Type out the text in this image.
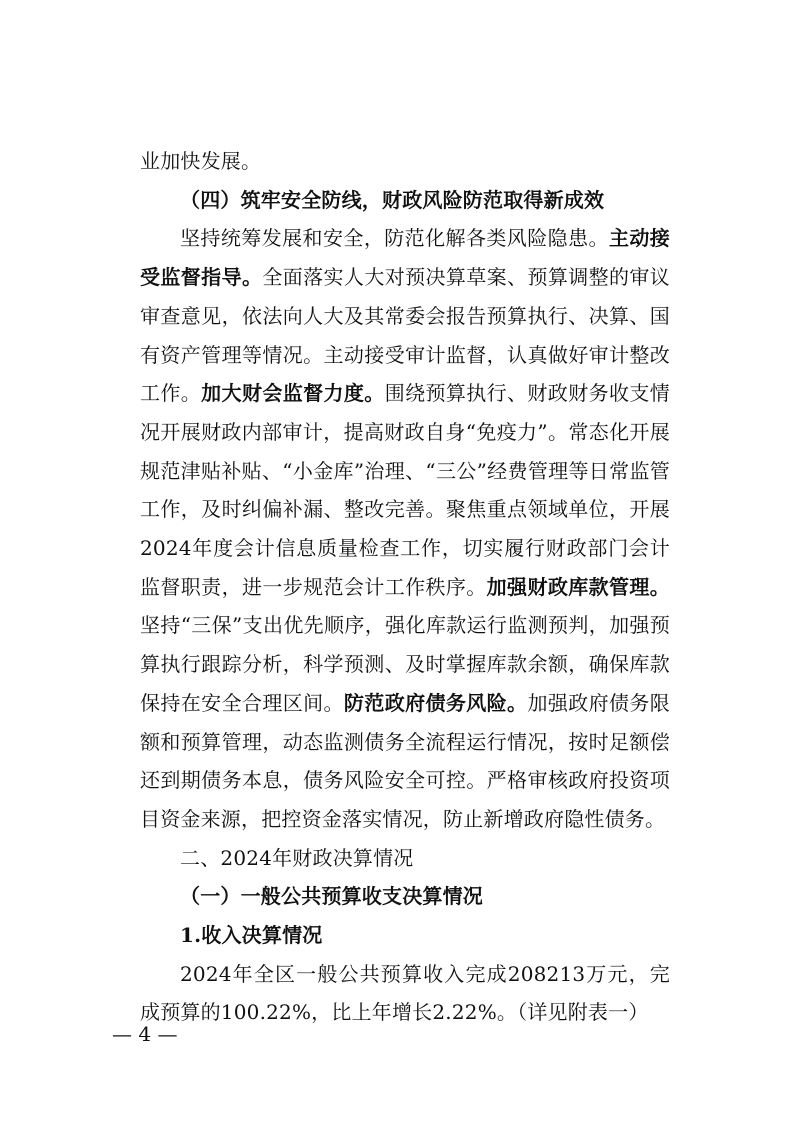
业加快发展。

（四）筑牢安全防线，财政风险防范取得新成效

坚持统筹发展和安全，防范化解各类风险隐患。主动接受监督指导。全面落实人大对预决算草案、预算调整的审议审查意见，依法向人大及其常委会报告预算执行、决算、国有资产管理等情况。主动接受审计监督，认真做好审计整改工作。加大财会监督力度。围绕预算执行、财政财务收支情况开展财政内部审计，提高财政自身“免疫力”。常态化开展规范津贴补贴、“小金库”治理、“三公”经费管理等日常监管工作，及时纠偏补漏、整改完善。聚焦重点领域单位，开展2024年度会计信息质量检查工作，切实履行财政部门会计监督职责，进一步规范会计工作秩序。加强财政库款管理。坚持“三保”支出优先顺序，强化库款运行监测预判，加强预算执行跟踪分析，科学预测、及时掌握库款余额，确保库款保持在安全合理区间。防范政府债务风险。加强政府债务限额和预算管理，动态监测债务全流程运行情况，按时足额偿还到期债务本息，债务风险安全可控。严格审核政府投资项目资金来源，把控资金落实情况，防止新增政府隐性债务。

二、2024年财政决算情况

（一）一般公共预算收支决算情况

1.收入决算情况

2024年全区一般公共预算收入完成208213万元，完成预算的100.22%，比上年增长2.22%。（详见附表一）

— 4 —
